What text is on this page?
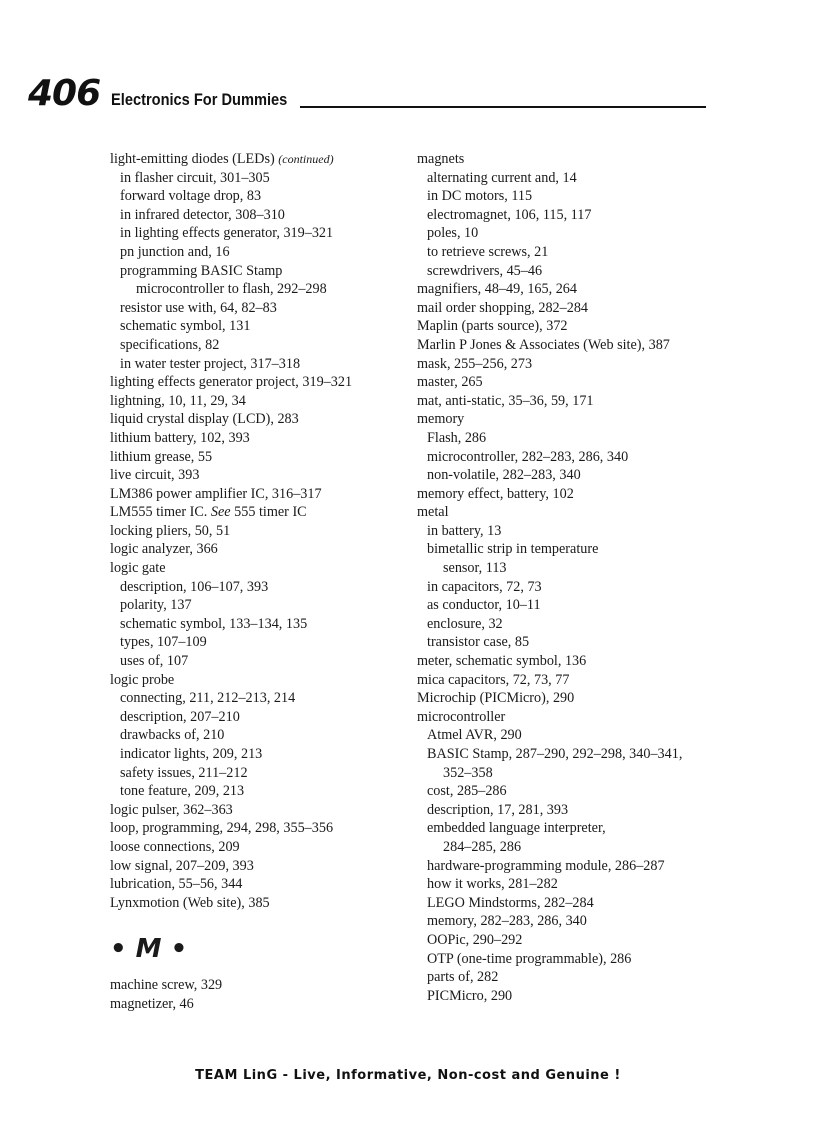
406 Electronics For Dummies
light-emitting diodes (LEDs) (continued)
in flasher circuit, 301–305
forward voltage drop, 83
in infrared detector, 308–310
in lighting effects generator, 319–321
pn junction and, 16
programming BASIC Stamp
microcontroller to flash, 292–298
resistor use with, 64, 82–83
schematic symbol, 131
specifications, 82
in water tester project, 317–318
lighting effects generator project, 319–321
lightning, 10, 11, 29, 34
liquid crystal display (LCD), 283
lithium battery, 102, 393
lithium grease, 55
live circuit, 393
LM386 power amplifier IC, 316–317
LM555 timer IC. See 555 timer IC
locking pliers, 50, 51
logic analyzer, 366
logic gate
description, 106–107, 393
polarity, 137
schematic symbol, 133–134, 135
types, 107–109
uses of, 107
logic probe
connecting, 211, 212–213, 214
description, 207–210
drawbacks of, 210
indicator lights, 209, 213
safety issues, 211–212
tone feature, 209, 213
logic pulser, 362–363
loop, programming, 294, 298, 355–356
loose connections, 209
low signal, 207–209, 393
lubrication, 55–56, 344
Lynxmotion (Web site), 385
• M •
machine screw, 329
magnetizer, 46
magnets
alternating current and, 14
in DC motors, 115
electromagnet, 106, 115, 117
poles, 10
to retrieve screws, 21
screwdrivers, 45–46
magnifiers, 48–49, 165, 264
mail order shopping, 282–284
Maplin (parts source), 372
Marlin P Jones & Associates (Web site), 387
mask, 255–256, 273
master, 265
mat, anti-static, 35–36, 59, 171
memory
Flash, 286
microcontroller, 282–283, 286, 340
non-volatile, 282–283, 340
memory effect, battery, 102
metal
in battery, 13
bimetallic strip in temperature
sensor, 113
in capacitors, 72, 73
as conductor, 10–11
enclosure, 32
transistor case, 85
meter, schematic symbol, 136
mica capacitors, 72, 73, 77
Microchip (PICMicro), 290
microcontroller
Atmel AVR, 290
BASIC Stamp, 287–290, 292–298, 340–341,
352–358
cost, 285–286
description, 17, 281, 393
embedded language interpreter,
284–285, 286
hardware-programming module, 286–287
how it works, 281–282
LEGO Mindstorms, 282–284
memory, 282–283, 286, 340
OOPic, 290–292
OTP (one-time programmable), 286
parts of, 282
PICMicro, 290
TEAM LinG - Live, Informative, Non-cost and Genuine !
